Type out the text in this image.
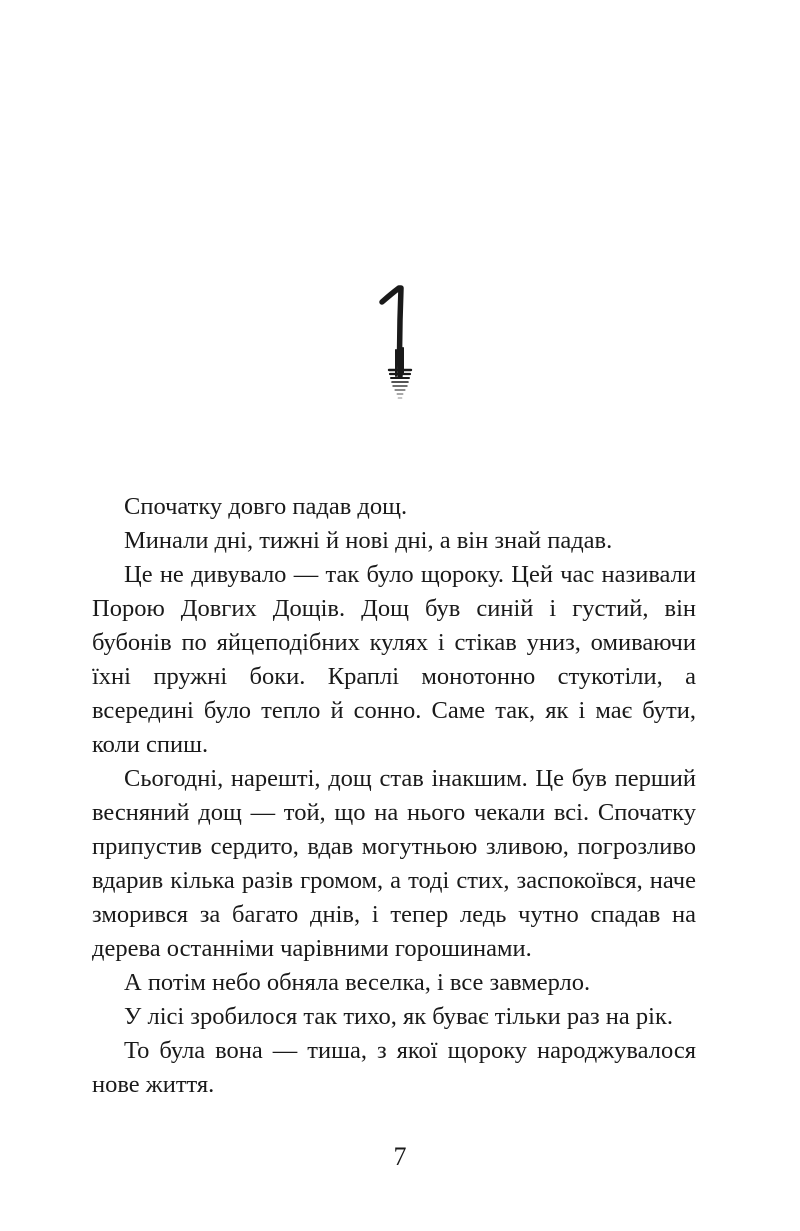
1

Спочатку довго падав дощ.

Минали дні, тижні й нові дні, а він знай падав.

Це не дивувало — так було щороку. Цей час називали Порою Довгих Дощів. Дощ був синій і густий, він бубонів по яйцеподібних кулях і стікав униз, омиваючи їхні пружні боки. Краплі монотонно стукотіли, а всередині було тепло й сонно. Саме так, як і має бути, коли спиш.

Сьогодні, нарешті, дощ став інакшим. Це був перший весняний дощ — той, що на нього чекали всі. Спочатку припустив сердито, вдав могутньою зливою, погрозливо вдарив кілька разів громом, а тоді стих, заспокоївся, наче зморився за багато днів, і тепер ледь чутно спадав на дерева останніми чарівними горошинами.

А потім небо обняла веселка, і все завмерло.

У лісі зробилося так тихо, як буває тільки раз на рік.

То була вона — тиша, з якої щороку народжувалося нове життя.

7
